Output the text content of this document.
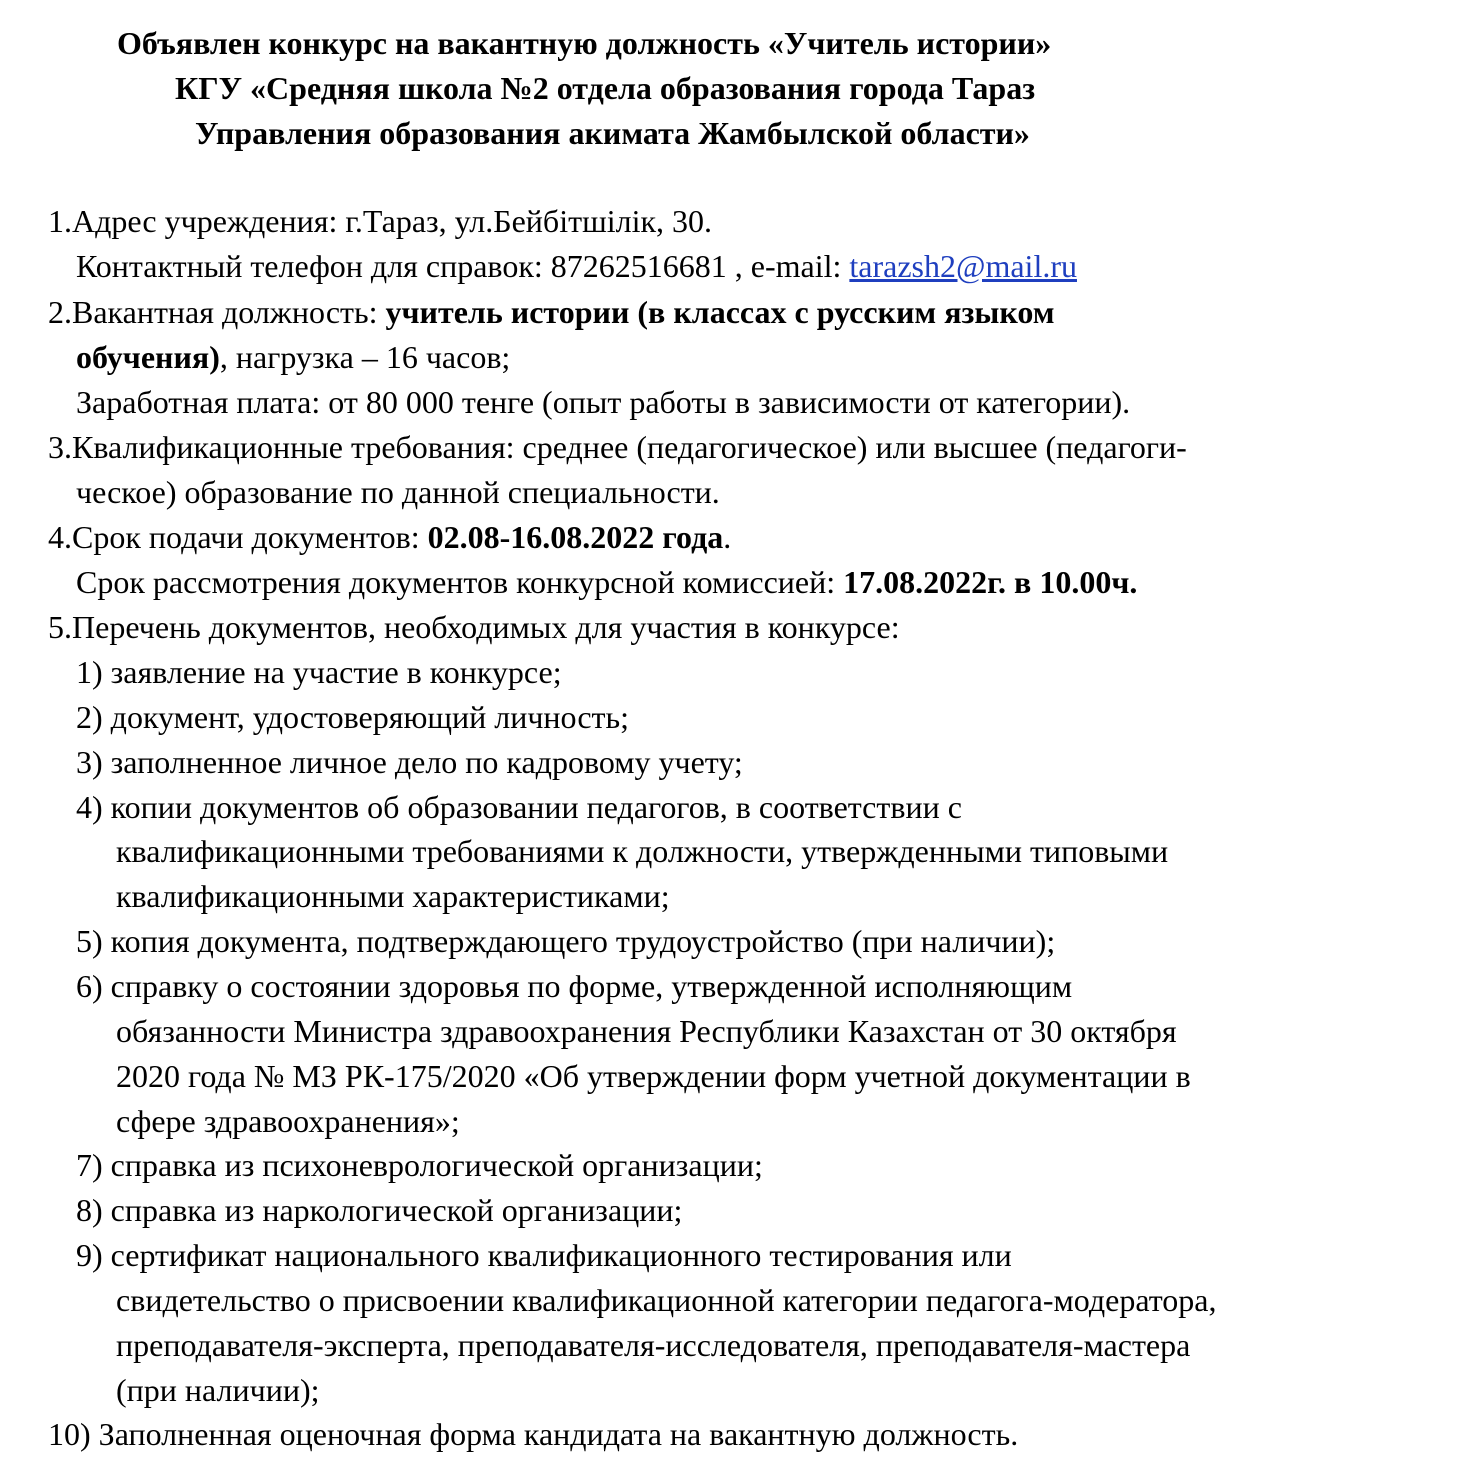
Объявлен конкурс на вакантную должность «Учитель истории»
КГУ «Средняя школа №2 отдела образования города Тараз
Управления образования акимата Жамбылской области»
1.Адрес учреждения: г.Тараз, ул.Бейбітшілік, 30.
Контактный телефон для справок: 87262516681 , e-mail: tarazsh2@mail.ru
2.Вакантная должность: учитель истории (в классах с русским языком
обучения), нагрузка – 16 часов;
Заработная плата: от 80 000 тенге (опыт работы в зависимости от категории).
3.Квалификационные требования: среднее (педагогическое) или высшее (педагоги-
ческое) образование по данной специальности.
4.Срок подачи документов: 02.08-16.08.2022 года.
Срок рассмотрения документов конкурсной комиссией: 17.08.2022г. в 10.00ч.
5.Перечень документов, необходимых для участия в конкурсе:
1) заявление на участие в конкурсе;
2) документ, удостоверяющий личность;
3) заполненное личное дело по кадровому учету;
4) копии документов об образовании педагогов, в соответствии с
квалификационными требованиями к должности, утвержденными типовыми
квалификационными характеристиками;
5) копия документа, подтверждающего трудоустройство (при наличии);
6) справку о состоянии здоровья по форме, утвержденной исполняющим
обязанности Министра здравоохранения Республики Казахстан от 30 октября
2020 года № МЗ РК-175/2020 «Об утверждении форм учетной документации в
сфере здравоохранения»;
7) справка из психоневрологической организации;
8) справка из наркологической организации;
9) сертификат национального квалификационного тестирования или
свидетельство о присвоении квалификационной категории педагога-модератора,
преподавателя-эксперта, преподавателя-исследователя, преподавателя-мастера
(при наличии);
10) Заполненная оценочная форма кандидата на вакантную должность.
